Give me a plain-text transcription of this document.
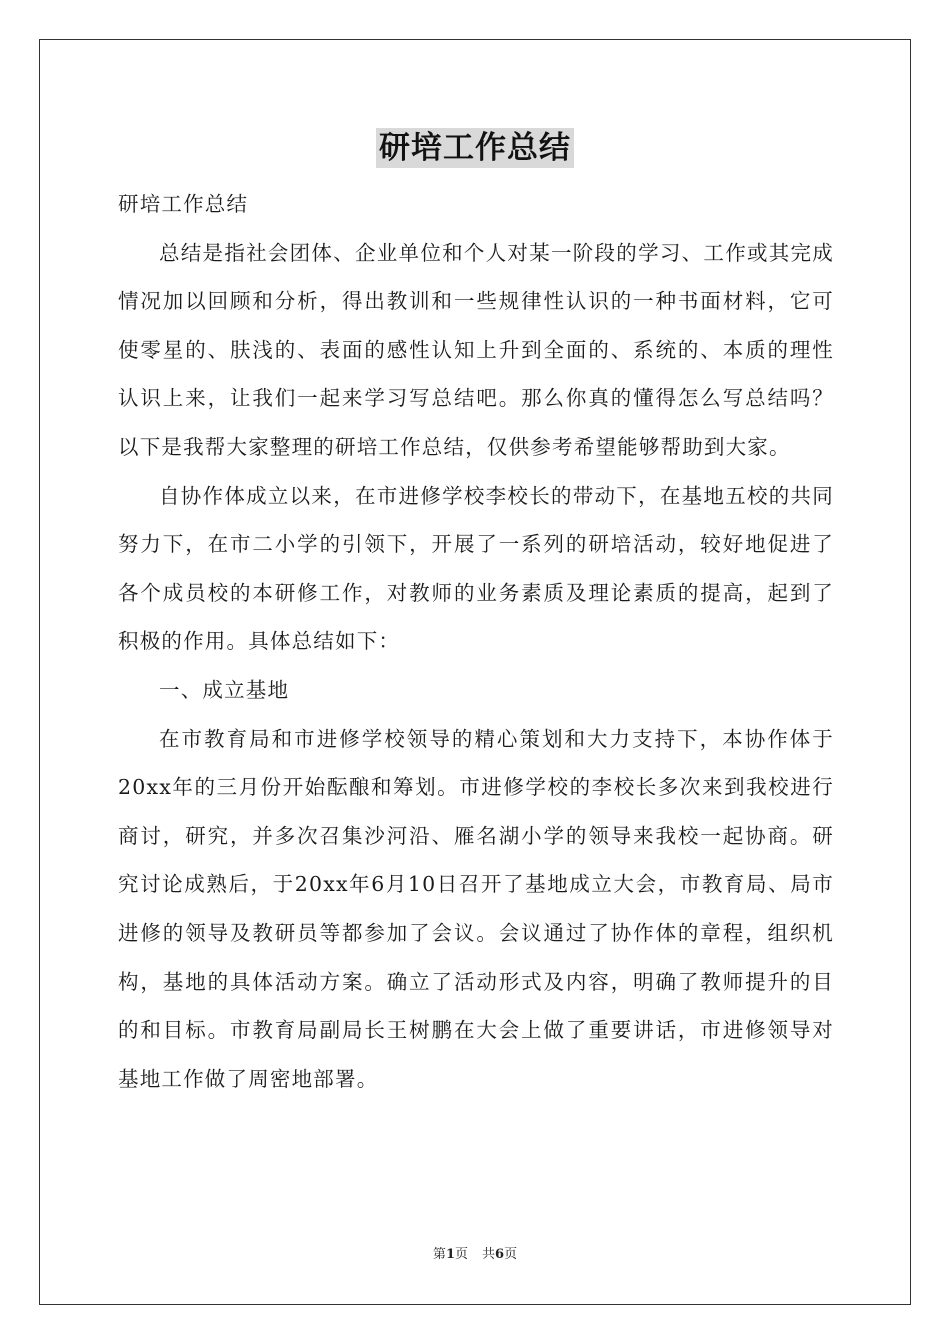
研培工作总结

研培工作总结

总结是指社会团体、企业单位和个人对某一阶段的学习、工作或其完成情况加以回顾和分析，得出教训和一些规律性认识的一种书面材料，它可使零星的、肤浅的、表面的感性认知上升到全面的、系统的、本质的理性认识上来，让我们一起来学习写总结吧。那么你真的懂得怎么写总结吗？以下是我帮大家整理的研培工作总结，仅供参考希望能够帮助到大家。

自协作体成立以来，在市进修学校李校长的带动下，在基地五校的共同努力下，在市二小学的引领下，开展了一系列的研培活动，较好地促进了各个成员校的本研修工作，对教师的业务素质及理论素质的提高，起到了积极的作用。具体总结如下：

一、成立基地

在市教育局和市进修学校领导的精心策划和大力支持下，本协作体于20xx年的三月份开始酝酿和筹划。市进修学校的李校长多次来到我校进行商讨，研究，并多次召集沙河沿、雁名湖小学的领导来我校一起协商。研究讨论成熟后，于20xx年6月10日召开了基地成立大会，市教育局、局市进修的领导及教研员等都参加了会议。会议通过了协作体的章程，组织机构，基地的具体活动方案。确立了活动形式及内容，明确了教师提升的目的和目标。市教育局副局长王树鹏在大会上做了重要讲话，市进修领导对基地工作做了周密地部署。

第1页 共6页
